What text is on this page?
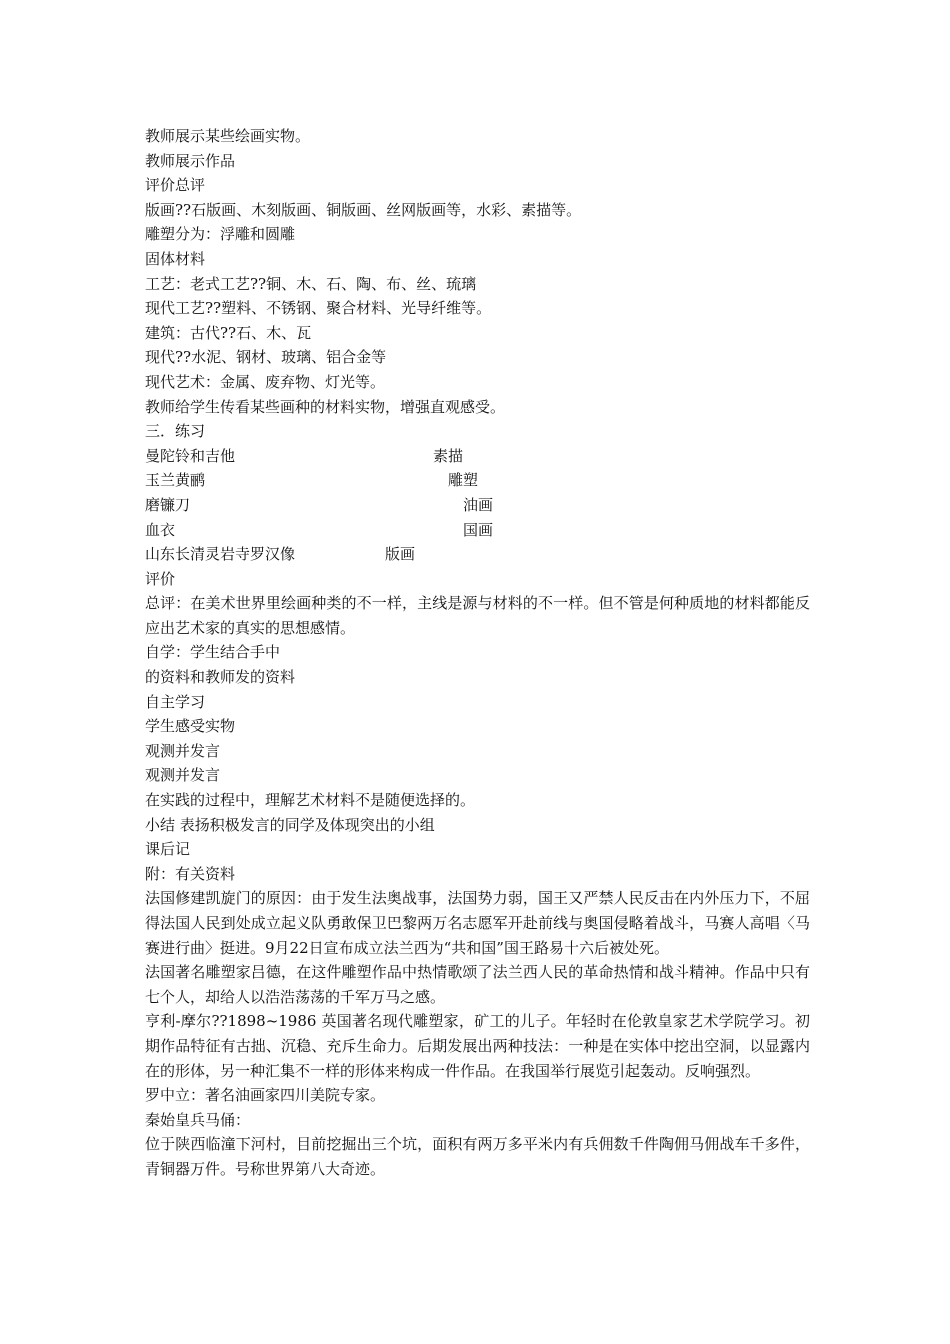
教师展示某些绘画实物。
教师展示作品
评价总评
版画??石版画、木刻版画、铜版画、丝网版画等，水彩、素描等。
雕塑分为：浮雕和圆雕
固体材料
工艺：老式工艺??铜、木、石、陶、布、丝、琉璃
现代工艺??塑料、不锈钢、聚合材料、光导纤维等。
建筑：古代??石、木、瓦
现代??水泥、钢材、玻璃、铝合金等
现代艺术：金属、废弃物、灯光等。
教师给学生传看某些画种的材料实物，增强直观感受。
三．练习
曼陀铃和吉他	素描
玉兰黄鹂	雕塑
磨镰刀	油画
血衣	国画
山东长清灵岩寺罗汉像	版画
评价
总评：在美术世界里绘画种类的不一样，主线是源与材料的不一样。但不管是何种质地的材料都能反应出艺术家的真实的思想感情。
自学：学生结合手中
的资料和教师发的资料
自主学习
学生感受实物
观测并发言
观测并发言
在实践的过程中，理解艺术材料不是随便选择的。
小结 表扬积极发言的同学及体现突出的小组
课后记
附：有关资料
法国修建凯旋门的原因：由于发生法奥战事，法国势力弱，国王又严禁人民反击在内外压力下，不屈得法国人民到处成立起义队勇敢保卫巴黎两万名志愿军开赴前线与奥国侵略着战斗，马赛人高唱〈马赛进行曲〉挺进。9月22日宣布成立法兰西为“共和国”国王路易十六后被处死。
法国著名雕塑家吕德，在这件雕塑作品中热情歌颂了法兰西人民的革命热情和战斗精神。作品中只有七个人，却给人以浩浩荡荡的千军万马之感。
亨利-摩尔??1898~1986 英国著名现代雕塑家，矿工的儿子。年轻时在伦敦皇家艺术学院学习。初期作品特征有古拙、沉稳、充斥生命力。后期发展出两种技法：一种是在实体中挖出空洞，以显露内在的形体，另一种汇集不一样的形体来构成一件作品。在我国举行展览引起轰动。反响强烈。
罗中立：著名油画家四川美院专家。
秦始皇兵马俑：
位于陕西临潼下河村，目前挖掘出三个坑，面积有两万多平米内有兵佣数千件陶佣马佣战车千多件，青铜器万件。号称世界第八大奇迹。
